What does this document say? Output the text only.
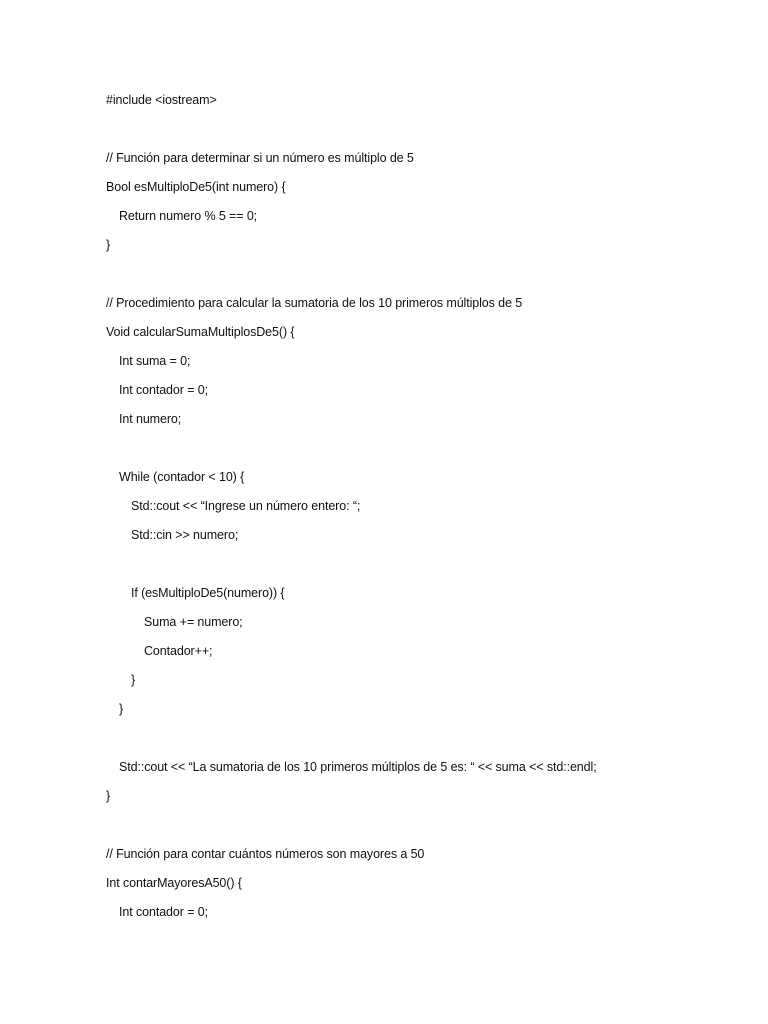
#include <iostream>
// Función para determinar si un número es múltiplo de 5
Bool esMultiploDe5(int numero) {
Return numero % 5 == 0;
}
// Procedimiento para calcular la sumatoria de los 10 primeros múltiplos de 5
Void calcularSumaMultiplosDe5() {
Int suma = 0;
Int contador = 0;
Int numero;
While (contador < 10) {
Std::cout << “Ingrese un número entero: “;
Std::cin >> numero;
If (esMultiploDe5(numero)) {
Suma += numero;
Contador++;
}
}
Std::cout << “La sumatoria de los 10 primeros múltiplos de 5 es: “ << suma << std::endl;
}
// Función para contar cuántos números son mayores a 50
Int contarMayoresA50() {
Int contador = 0;
